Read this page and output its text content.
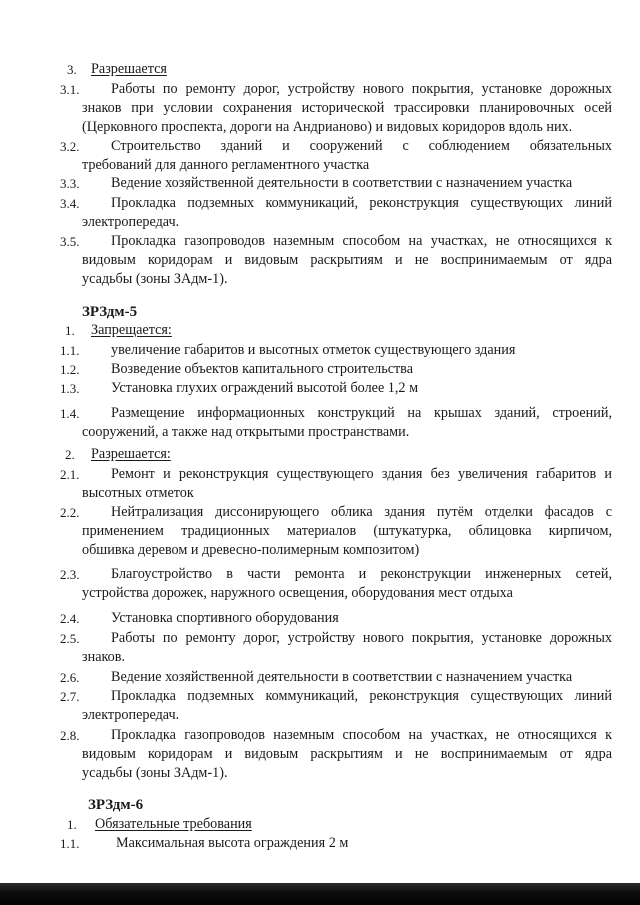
3. Разрешается
3.1. Работы по ремонту дорог, устройству нового покрытия, установке дорожных
знаков при условии сохранения исторической трассировки планировочных осей
(Церковного проспекта, дороги на Андрианово) и видовых коридоров вдоль них.
3.2. Строительство зданий и сооружений с соблюдением обязательных
требований для данного регламентного участка
3.3. Ведение хозяйственной деятельности в соответствии с назначением участка
3.4. Прокладка подземных коммуникаций, реконструкция существующих линий
электропередач.
3.5. Прокладка газопроводов наземным способом на участках, не относящихся к
видовым коридорам и видовым раскрытиям и не воспринимаемым от ядра
усадьбы (зоны ЗАдм-1).
ЗРЗдм-5
1. Запрещается:
1.1. увеличение габаритов и высотных отметок существующего здания
1.2. Возведение объектов капитального строительства
1.3. Установка глухих ограждений высотой более 1,2 м
1.4. Размещение информационных конструкций на крышах зданий, строений,
сооружений, а также над открытыми пространствами.
2. Разрешается:
2.1. Ремонт и реконструкция существующего здания без увеличения габаритов и
высотных отметок
2.2. Нейтрализация диссонирующего облика здания путём отделки фасадов с
применением традиционных материалов (штукатурка, облицовка кирпичом,
обшивка деревом и древесно-полимерным композитом)
2.3. Благоустройство в части ремонта и реконструкции инженерных сетей,
устройства дорожек, наружного освещения, оборудования мест отдыха
2.4. Установка спортивного оборудования
2.5. Работы по ремонту дорог, устройству нового покрытия, установке дорожных
знаков.
2.6. Ведение хозяйственной деятельности в соответствии с назначением участка
2.7. Прокладка подземных коммуникаций, реконструкция существующих линий
электропередач.
2.8. Прокладка газопроводов наземным способом на участках, не относящихся к
видовым коридорам и видовым раскрытиям и не воспринимаемым от ядра
усадьбы (зоны ЗАдм-1).
ЗРЗдм-6
1. Обязательные требования
1.1.	Максимальная высота ограждения 2 м
